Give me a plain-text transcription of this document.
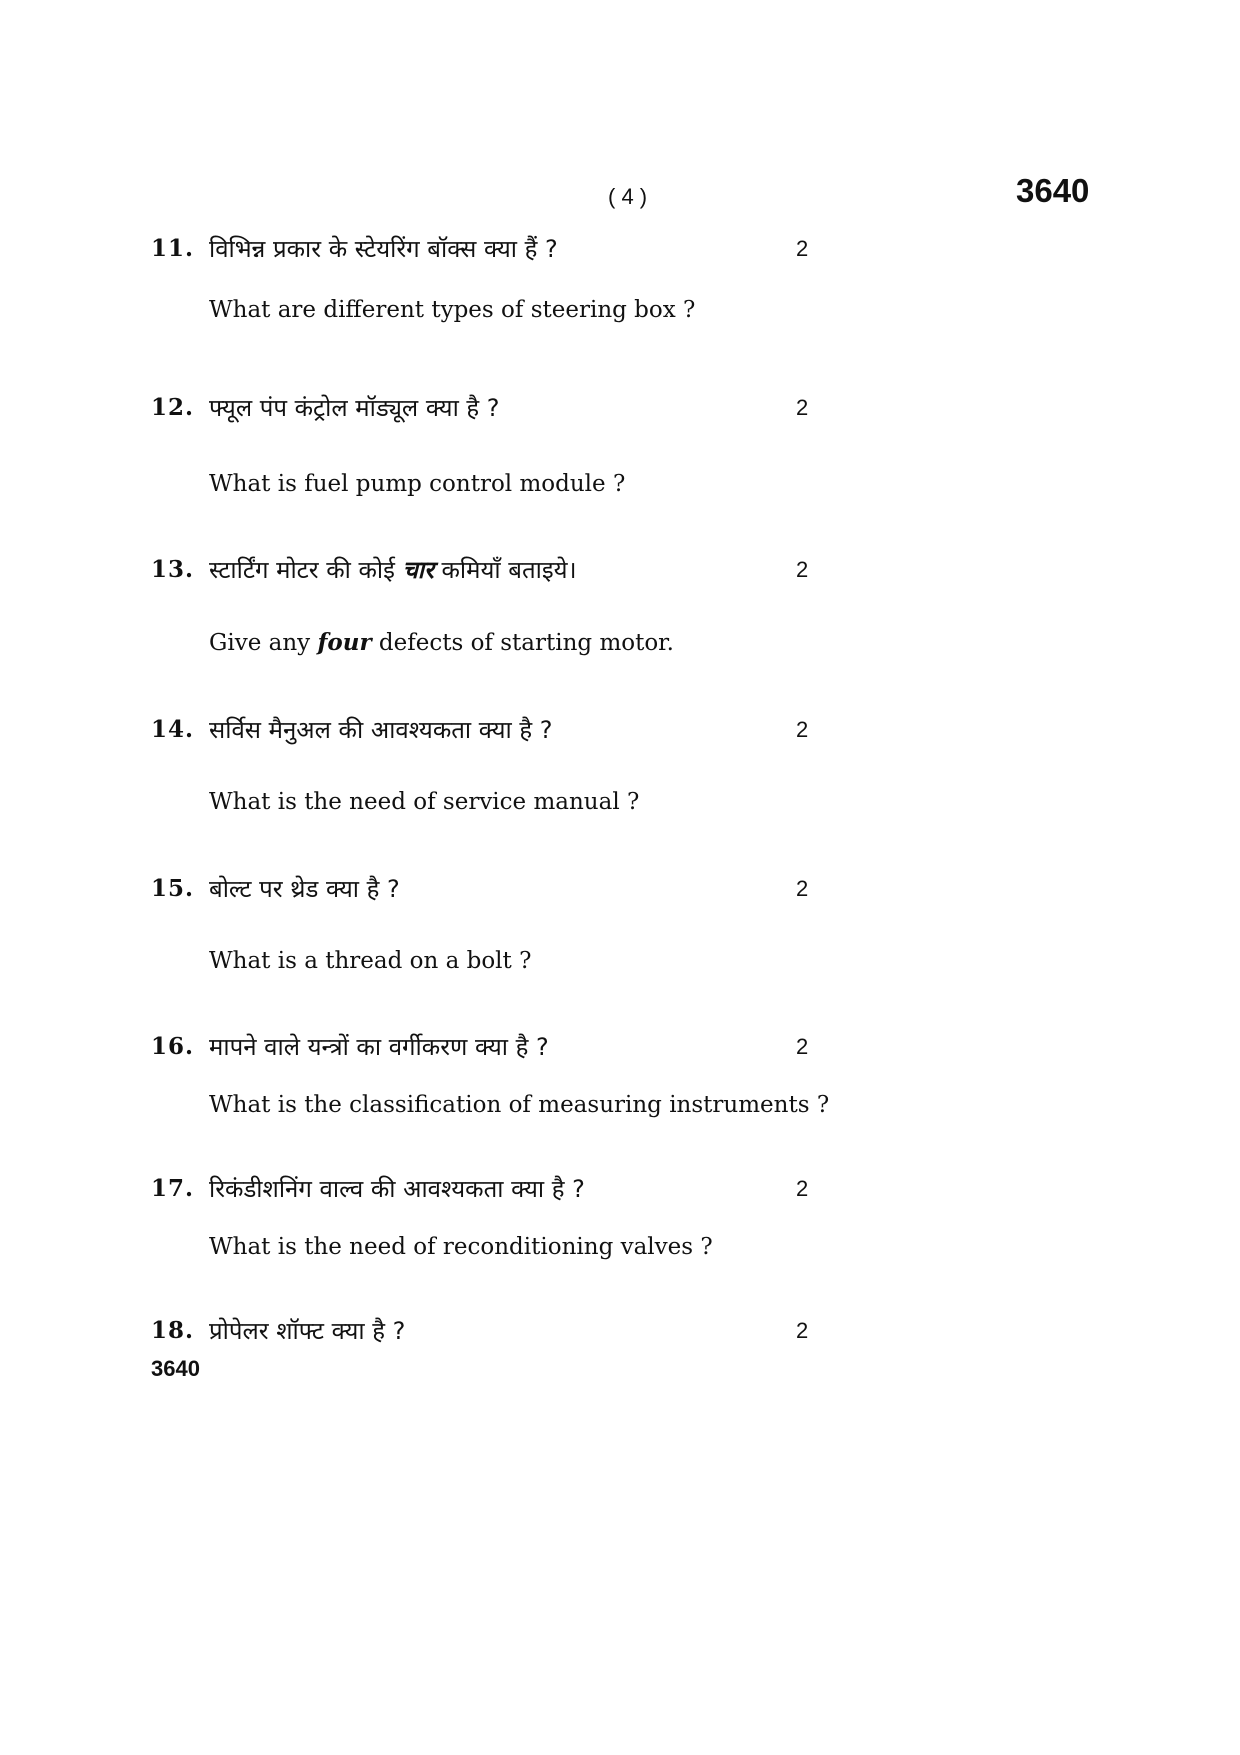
( 4 )	3640
11. विभिन्न प्रकार के स्टेयरिंग बॉक्स क्या हैं ?	2
What are different types of steering box ?
12. फ्यूल पंप कंट्रोल मॉड्यूल क्या है ?	2
What is fuel pump control module ?
13. स्टार्टिंग मोटर की कोई चार कमियाँ बताइये।	2
Give any four defects of starting motor.
14. सर्विस मैनुअल की आवश्यकता क्या है ?	2
What is the need of service manual ?
15. बोल्ट पर थ्रेड क्या है ?	2
What is a thread on a bolt ?
16. मापने वाले यन्त्रों का वर्गीकरण क्या है ?	2
What is the classification of measuring instruments ?
17. रिकंडीशनिंग वाल्व की आवश्यकता क्या है ?	2
What is the need of reconditioning valves ?
18. प्रोपेलर शॉफ्ट क्या है ?	2
3640
